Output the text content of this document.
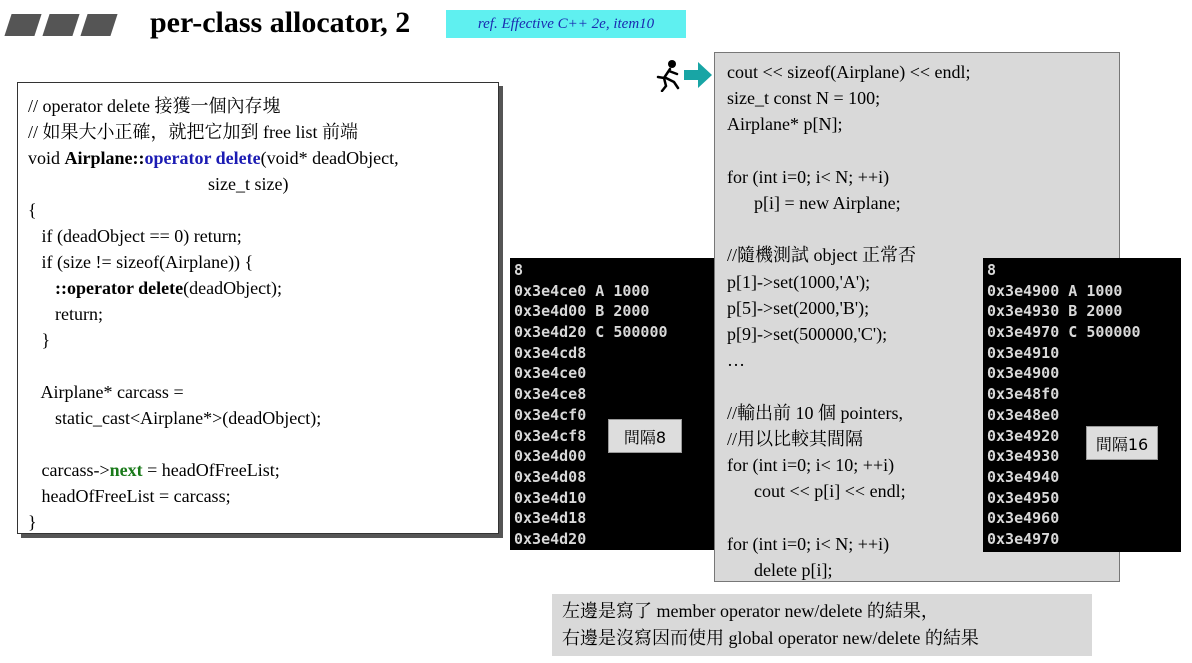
per-class allocator, 2	ref. Effective C++ 2e, item10
// operator delete 接獲一個內存塊
// 如果大小正確，就把它加到 free list 前端
void Airplane::operator delete(void* deadObject,
size_t size)
{
if (deadObject == 0) return;
if (size != sizeof(Airplane)) {
::operator delete(deadObject);
return;
}
Airplane* carcass =
static_cast<Airplane*>(deadObject);
carcass->next = headOfFreeList;
headOfFreeList = carcass;
}
8
0x3e4ce0 A 1000
0x3e4d00 B 2000
0x3e4d20 C 500000
0x3e4cd8
0x3e4ce0
0x3e4ce8
0x3e4cf0
0x3e4cf8
0x3e4d00
0x3e4d08
0x3e4d10
0x3e4d18
0x3e4d20
間隔8
cout << sizeof(Airplane) << endl;
size_t const N = 100;
Airplane* p[N];
for (int i=0; i< N; ++i)
p[i] = new Airplane;
//隨機測試 object 正常否
p[1]->set(1000,'A');
p[5]->set(2000,'B');
p[9]->set(500000,'C');
…
//輸出前 10 個 pointers,
//用以比較其間隔
for (int i=0; i< 10; ++i)
cout << p[i] << endl;
for (int i=0; i< N; ++i)
delete p[i];
8
0x3e4900 A 1000
0x3e4930 B 2000
0x3e4970 C 500000
0x3e4910
0x3e4900
0x3e48f0
0x3e48e0
0x3e4920
0x3e4930
0x3e4940
0x3e4950
0x3e4960
0x3e4970
間隔16
左邊是寫了 member operator new/delete 的結果，
右邊是沒寫因而使用 global operator new/delete 的結果
